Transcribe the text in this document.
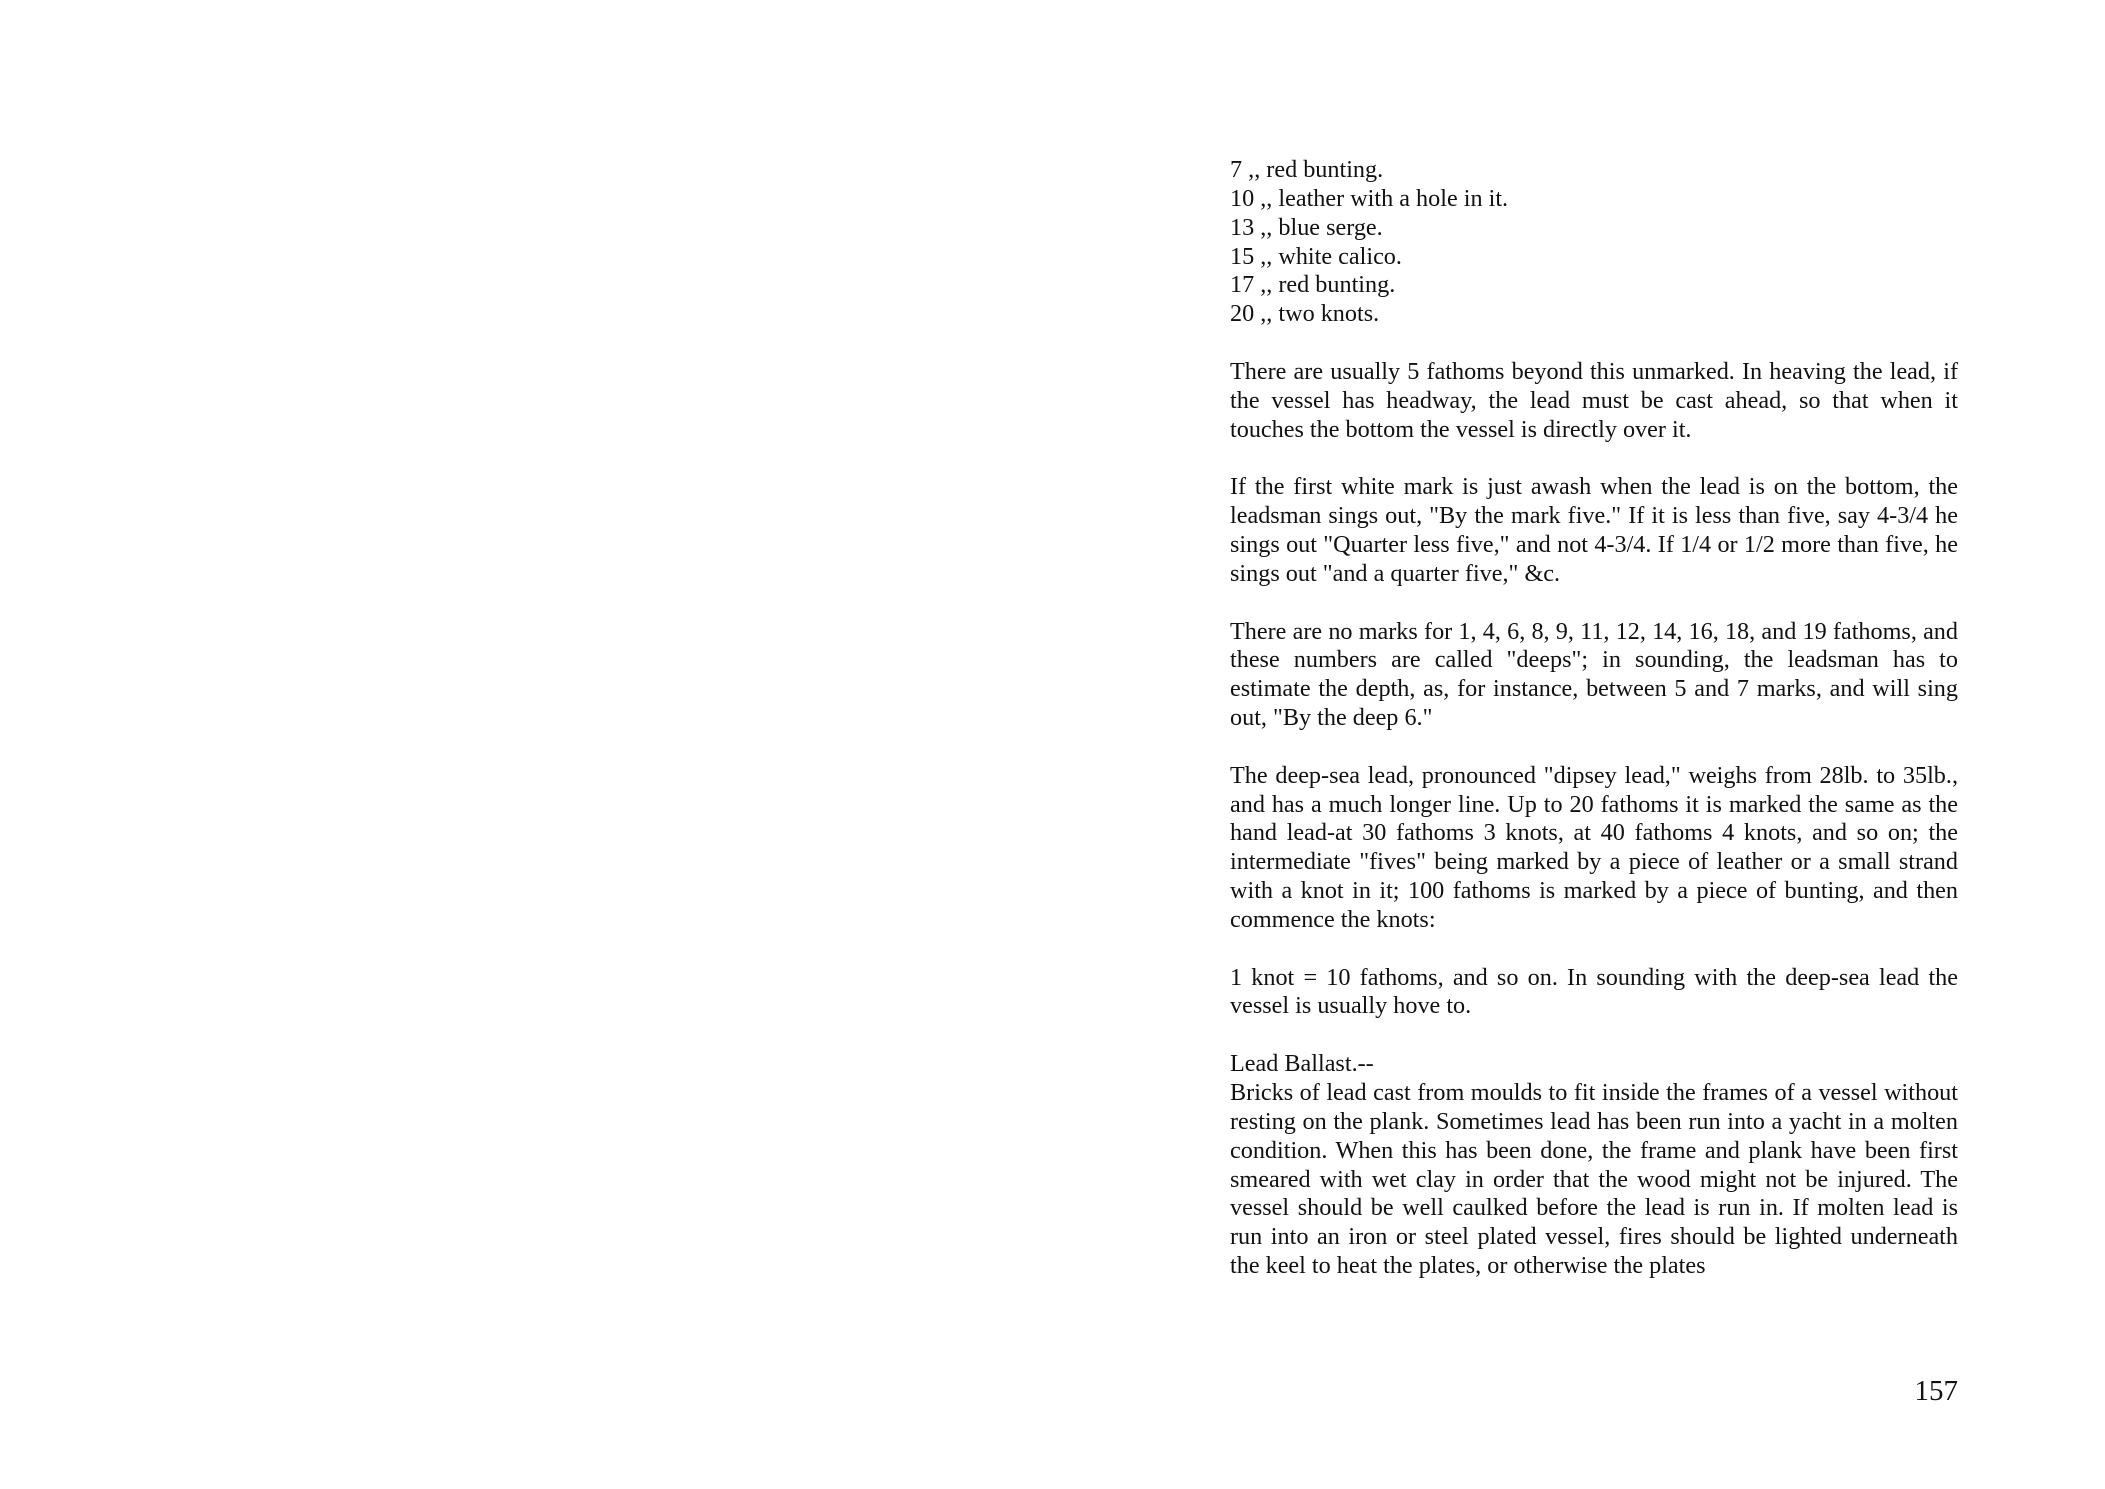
7 ,, red bunting.
10 ,, leather with a hole in it.
13 ,, blue serge.
15 ,, white calico.
17 ,, red bunting.
20 ,, two knots.

There are usually 5 fathoms beyond this unmarked. In heaving the lead, if the vessel has headway, the lead must be cast ahead, so that when it touches the bottom the vessel is directly over it.

If the first white mark is just awash when the lead is on the bottom, the leadsman sings out, "By the mark five." If it is less than five, say 4-3/4 he sings out "Quarter less five," and not 4-3/4. If 1/4 or 1/2 more than five, he sings out "and a quarter five," &c.

There are no marks for 1, 4, 6, 8, 9, 11, 12, 14, 16, 18, and 19 fathoms, and these numbers are called "deeps"; in sounding, the leadsman has to estimate the depth, as, for instance, between 5 and 7 marks, and will sing out, "By the deep 6."

The deep-sea lead, pronounced "dipsey lead," weighs from 28lb. to 35lb., and has a much longer line. Up to 20 fathoms it is marked the same as the hand lead-at 30 fathoms 3 knots, at 40 fathoms 4 knots, and so on; the intermediate "fives" being marked by a piece of leather or a small strand with a knot in it; 100 fathoms is marked by a piece of bunting, and then commence the knots:

1 knot = 10 fathoms, and so on. In sounding with the deep-sea lead the vessel is usually hove to.

Lead Ballast.--

Bricks of lead cast from moulds to fit inside the frames of a vessel without resting on the plank. Sometimes lead has been run into a yacht in a molten condition. When this has been done, the frame and plank have been first smeared with wet clay in order that the wood might not be injured. The vessel should be well caulked before the lead is run in. If molten lead is run into an iron or steel plated vessel, fires should be lighted underneath the keel to heat the plates, or otherwise the plates

157
